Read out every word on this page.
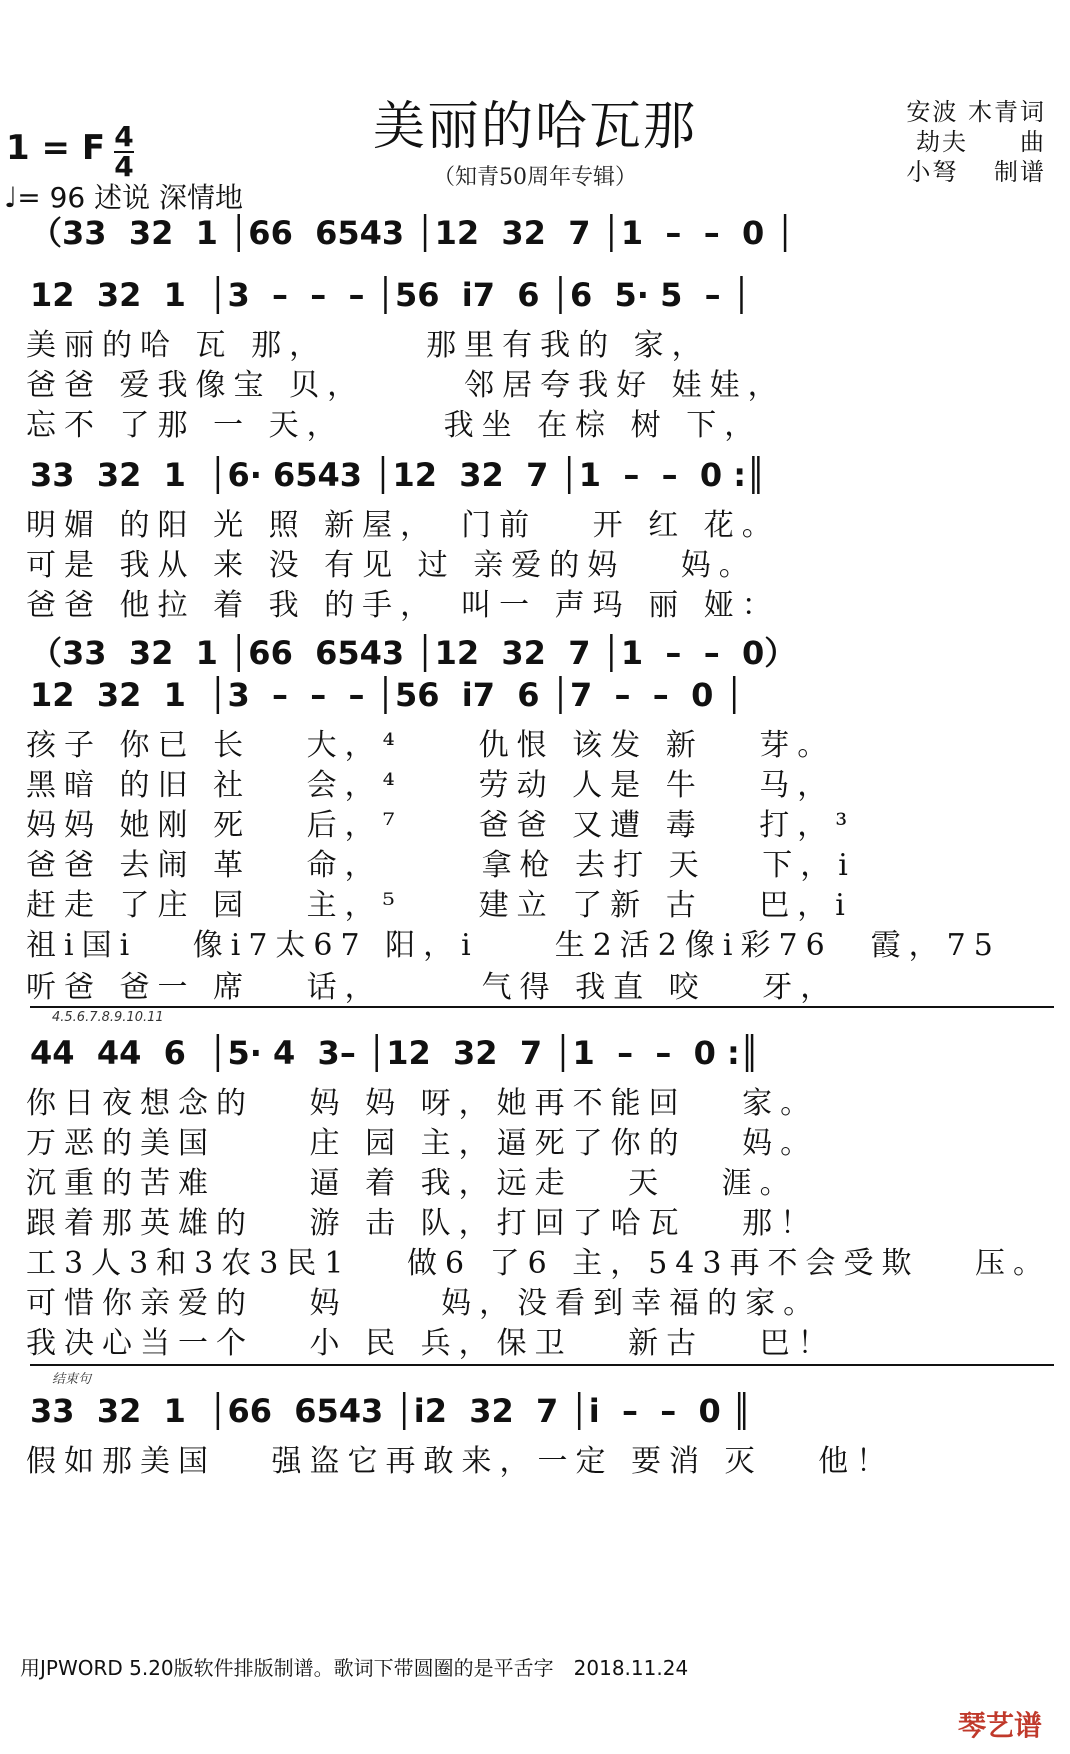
美丽的哈瓦那
（知青50周年专辑）
安波 木青词
劫夫　　曲
小弩　 制谱
1 = F 4
4
♩= 96 述说 深情地
（33  32  1 │66  6543 │12  32  7 │1  –  –  0 │
12  32  1  │3  –  –  – │56  i7  6 │6  5· 5  – │
美丽的哈 瓦 那，　　　那里有我的 家，
爸爸 爱我像宝 贝，　　　邻居夸我好 娃娃，
忘不 了那 一 天，　　　我坐 在棕 树 下，
33  32  1  │6· 6543 │12  32  7 │1  –  –  0 :║
明媚 的阳 光 照 新屋，　门前　 开 红 花。
可是 我从 来 没 有见 过 亲爱的妈　 妈。
爸爸 他拉 着 我 的手，　叫一 声玛 丽 娅：
（33  32  1 │66  6543 │12  32  7 │1  –  –  0）
12  32  1  │3  –  –  – │56  i7  6 │7  –  –  0 │
孩子 你已 长　 大，⁴　　仇恨 该发 新　 芽。
黑暗 的旧 社　 会，⁴　　劳动 人是 牛　 马，
妈妈 她刚 死　 后，⁷　　爸爸 又遭 毒　 打，³
爸爸 去闹 革　 命，　　　拿枪 去打 天　 下，i
赶走 了庄 园　 主，⁵　　建立 了新 古　 巴，i
祖i国i　 像i7太67 阳，i　　生2活2像i彩76　霞，75
听爸 爸一 席　 话，　　　气得 我直 咬　 牙，
4.5.6.7.8.9.10.11
44  44  6  │5· 4  3– │12  32  7 │1  –  –  0 :║
你日夜想念的　 妈 妈 呀，她再不能回　 家。
万恶的美国　　 庄 园 主，逼死了你的　 妈。
沉重的苦难　　 逼 着 我，远走　 天　 涯。
跟着那英雄的　 游 击 队，打回了哈瓦　 那！
工3人3和3农3民1　 做6 了6 主，543再不会受欺　 压。
可惜你亲爱的　 妈　　 妈，没看到幸福的家。
我决心当一个　 小 民 兵，保卫　 新古　 巴！
结束句
33  32  1  │66  6543 │i2  32  7 │i  –  –  0 ║
假如那美国　 强盗它再敢来，一定 要消 灭　 他！
用JPWORD 5.20版软件排版制谱。歌词下带圆圈的是平舌字　2018.11.24
琴艺谱
